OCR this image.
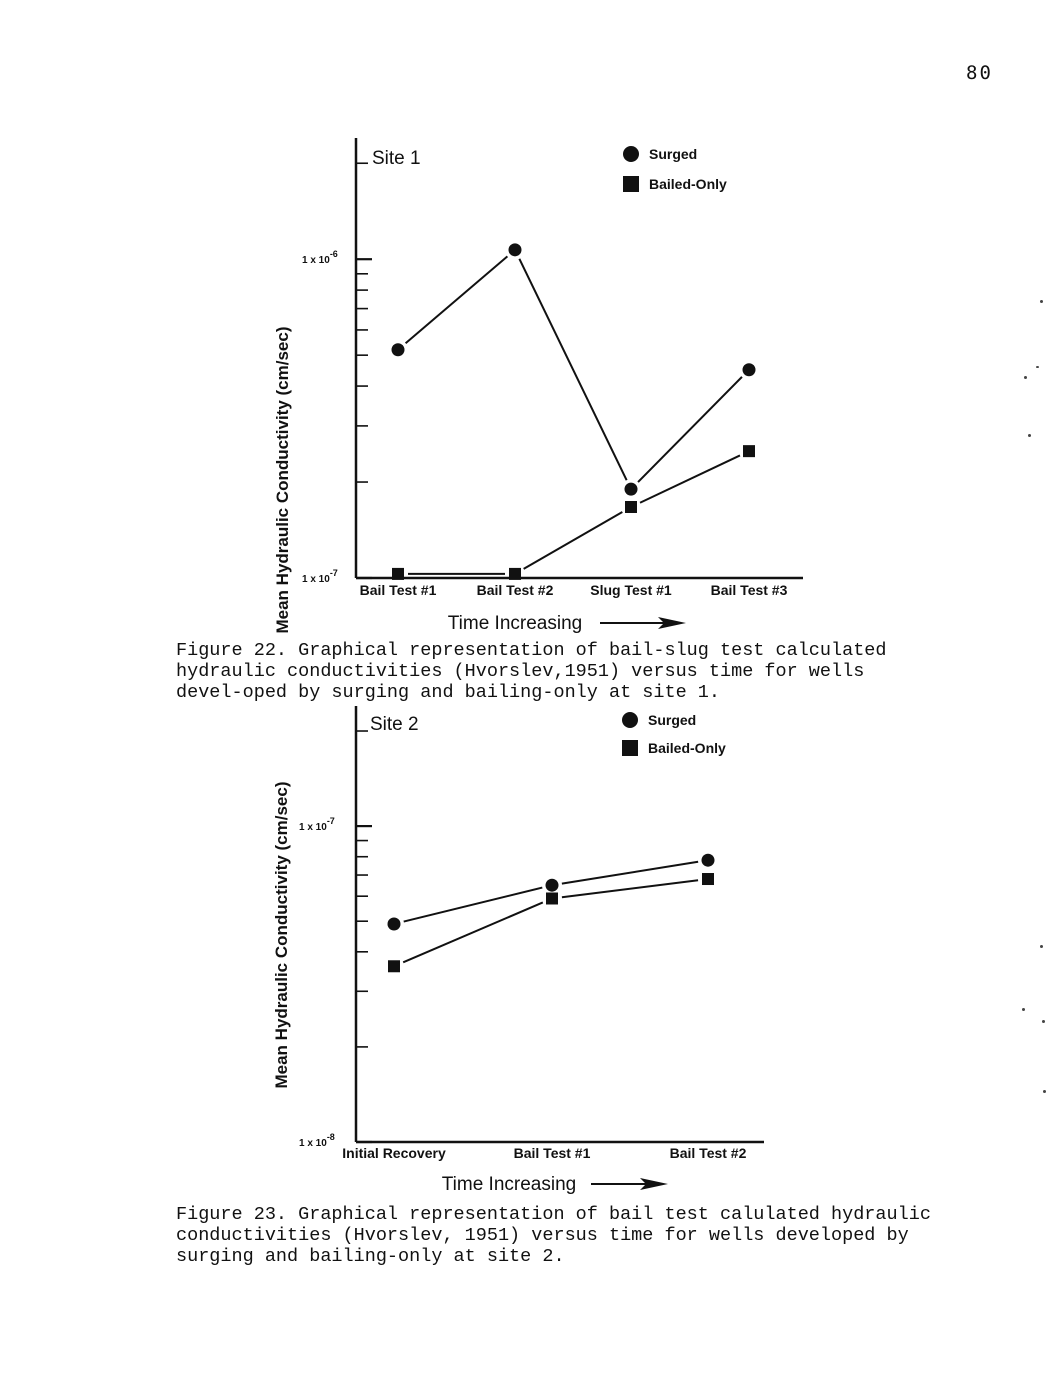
80
1 x 10-7
1 x 10-6
Site 1
Mean Hydraulic Conductivity (cm/sec)	Bail Test #1	Bail Test #2	Slug Test #1	Bail Test #3
Time Increasing
Surged
Bailed-Only

Figure 22. Graphical representation of bail-slug test calculated hydraulic conductivities (Hvorslev,1951) versus time for wells devel-oped by surging and bailing-only at site 1.

1 x 10-8
1 x 10-7
Site 2
Mean Hydraulic Conductivity (cm/sec)
Initial Recovery	Bail Test #1	Bail Test #2
Time Increasing
Surged
Bailed-Only

Figure 23. Graphical representation of bail test calulated hydraulic conductivities (Hvorslev, 1951) versus time for wells developed by surging and bailing-only at site 2.
